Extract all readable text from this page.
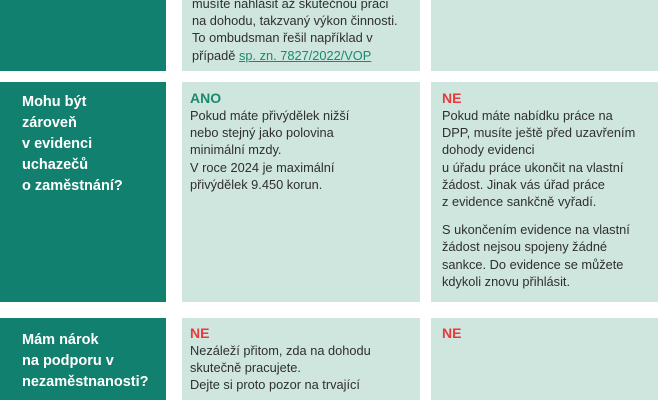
musíte nahlásit až skutečnou práci
na dohodu, takzvaný výkon činnosti.
To ombudsman řešil například v
případě sp. zn. 7827/2022/VOP
Mohu být
zároveň
v evidenci
uchazečů
o zaměstnání?
ANO
Pokud máte přivýdělek nižší
nebo stejný jako polovina
minimální mzdy.
V roce 2024 je maximální
přivýdělek 9.450 korun.
NE
Pokud máte nabídku práce na
DPP, musíte ještě před uzavřením
dohody evidenci
u úřadu práce ukončit na vlastní
žádost. Jinak vás úřad práce
z evidence sankčně vyřadí.
S ukončením evidence na vlastní
žádost nejsou spojeny žádné
sankce. Do evidence se můžete
kdykoli znovu přihlásit.
Mám nárok
na podporu v
nezaměstnanosti?
NE
Nezáleží přitom, zda na dohodu
skutečně pracujete.
Dejte si proto pozor na trvající
NE
